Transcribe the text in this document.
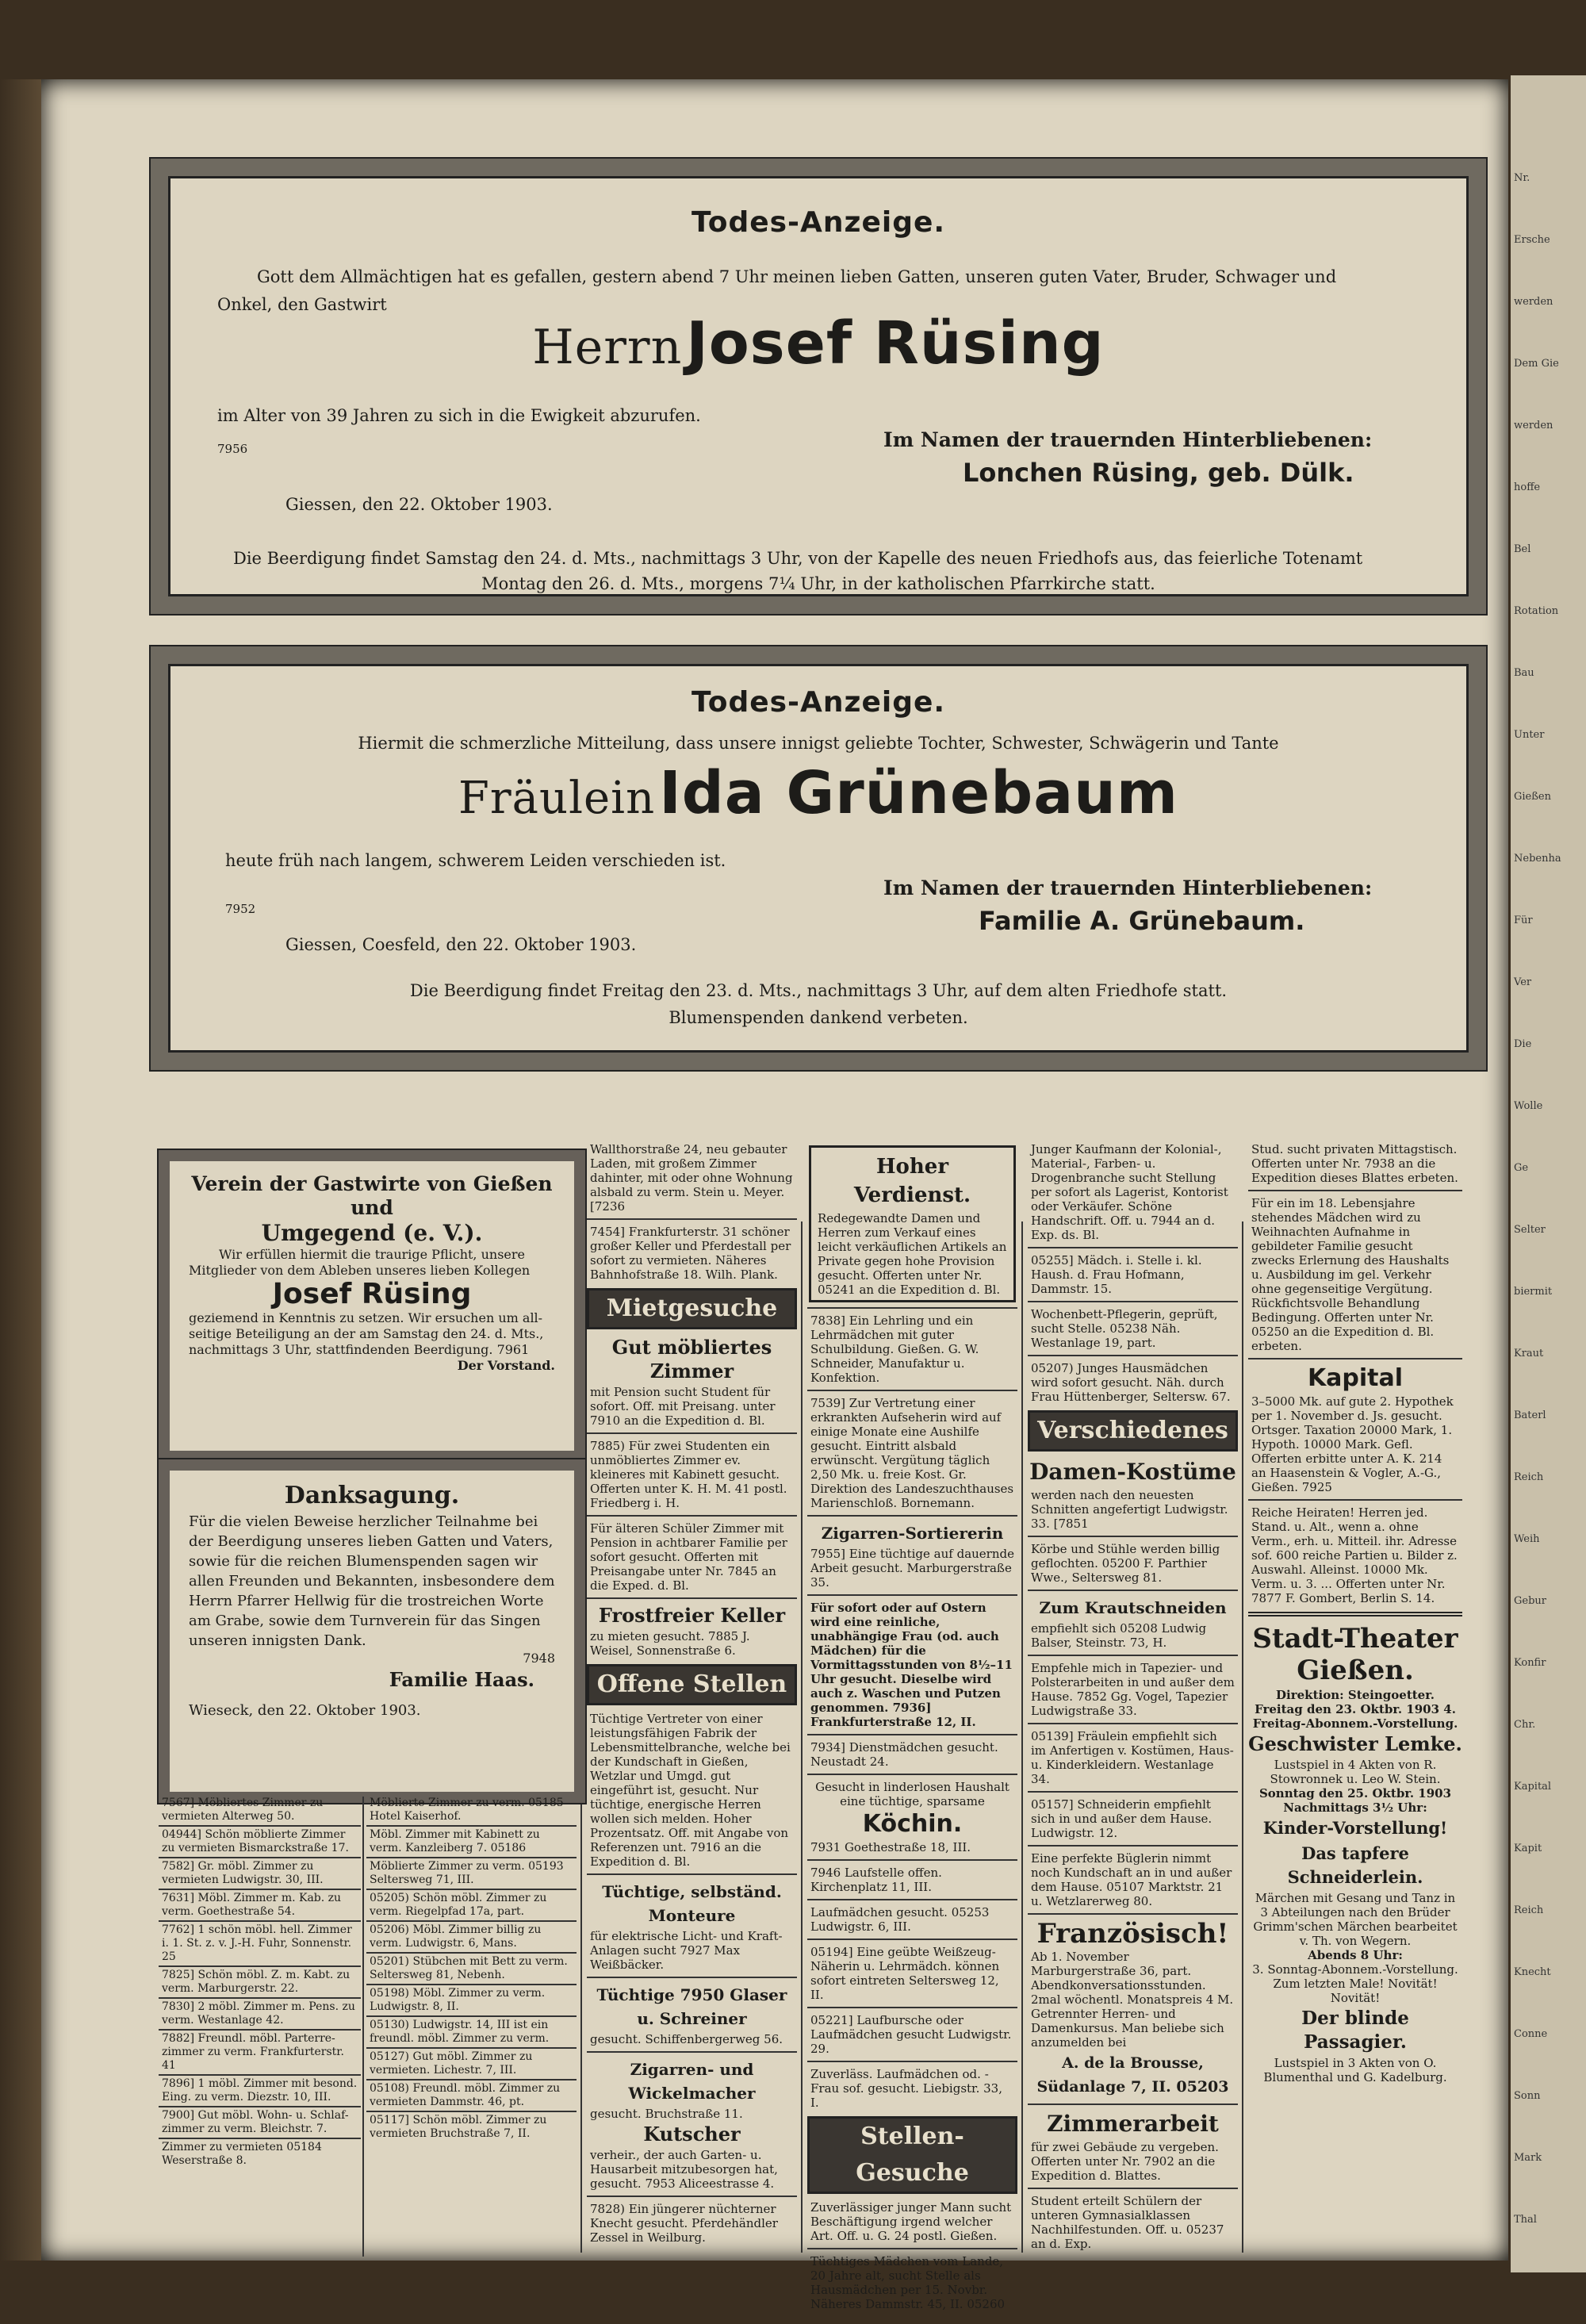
Todes-Anzeige.
Gott dem Allmächtigen hat es gefallen, gestern abend 7 Uhr meinen lieben Gatten, unseren guten Vater, Bruder, Schwager und
Onkel, den Gastwirt
Herrn Josef Rüsing
im Alter von 39 Jahren zu sich in die Ewigkeit abzurufen.
7956	Im Namen der trauernden Hinterbliebenen:
Lonchen Rüsing, geb. Dülk.
Giessen, den 22. Oktober 1903.
Die Beerdigung findet Samstag den 24. d. Mts., nachmittags 3 Uhr, von der Kapelle des neuen Friedhofs aus, das feierliche Totenamt
Montag den 26. d. Mts., morgens 7¼ Uhr, in der katholischen Pfarrkirche statt.
Todes-Anzeige.
Hiermit die schmerzliche Mitteilung, dass unsere innigst geliebte Tochter, Schwester, Schwägerin und Tante
Fräulein Ida Grünebaum
heute früh nach langem, schwerem Leiden verschieden ist.
Im Namen der trauernden Hinterbliebenen:
7952	Familie A. Grünebaum.
Giessen, Coesfeld, den 22. Oktober 1903.
Die Beerdigung findet Freitag den 23. d. Mts., nachmittags 3 Uhr, auf dem alten Friedhofe statt.
Blumenspenden dankend verbeten.
Verein der Gastwirte von Gießen und
Umgegend (e. V.).

Wir erfüllen hiermit die traurige Pflicht, unsere

Mitglieder von dem Ableben unseres lieben Kollegen

Josef Rüsing

geziemend in Kenntnis zu setzen. Wir ersuchen um all-

seitige Beteiligung an der am Samstag den 24. d. Mts.,

nachmittags 3 Uhr, stattfindenden Beerdigung. 7961

Der Vorstand.

Danksagung.

Für die vielen Beweise herzlicher Teilnahme bei

der Beerdigung unseres lieben Gatten und Vaters,

sowie für die reichen Blumenspenden sagen wir

allen Freunden und Bekannten, insbesondere dem

Herrn Pfarrer Hellwig für die trostreichen Worte

am Grabe, sowie dem Turnverein für das Singen

unseren innigsten Dank.

7948

Familie Haas.

Wieseck, den 22. Oktober 1903.

7567] Möbliertes Zimmer zu vermieten Alterweg 50.

04944] Schön möblierte Zimmer zu vermieten Bismarckstraße 17.

7582] Gr. möbl. Zimmer zu vermieten Ludwigstr. 30, III.

7631] Möbl. Zimmer m. Kab. zu verm. Goethestraße 54.

7762] 1 schön möbl. hell. Zimmer i. 1. St. z. v. J.-H. Fuhr, Sonnenstr. 25

7825] Schön möbl. Z. m. Kabt. zu verm. Marburgerstr. 22.

7830] 2 möbl. Zimmer m. Pens. zu verm. Westanlage 42.

7882] Freundl. möbl. Parterre-zimmer zu verm. Frankfurterstr. 41

7896] 1 möbl. Zimmer mit besond. Eing. zu verm. Diezstr. 10, III.

7900] Gut möbl. Wohn- u. Schlaf-zimmer zu verm. Bleichstr. 7.

Zimmer zu vermieten 05184 Weserstraße 8.

Möblierte Zimmer zu verm. 05185 Hotel Kaiserhof.

Möbl. Zimmer mit Kabinett zu verm. Kanzleiberg 7. 05186

Möblierte Zimmer zu verm. 05193 Seltersweg 71, III.

05205) Schön möbl. Zimmer zu verm. Riegelpfad 17a, part.

05206) Möbl. Zimmer billig zu verm. Ludwigstr. 6, Mans.

05201) Stübchen mit Bett zu verm. Seltersweg 81, Nebenh.

05198) Möbl. Zimmer zu verm. Ludwigstr. 8, II.

05130) Ludwigstr. 14, III ist ein freundl. möbl. Zimmer zu verm.

05127) Gut möbl. Zimmer zu vermieten. Lichestr. 7, III.

05108) Freundl. möbl. Zimmer zu vermieten Dammstr. 46, pt.

05117] Schön möbl. Zimmer zu vermieten Bruchstraße 7, II.

Wallthorstraße 24, neu gebauter Laden, mit großem Zimmer dahinter, mit oder ohne Wohnung alsbald zu verm. Stein u. Meyer. [7236

7454] Frankfurterstr. 31 schöner großer Keller und Pferdestall per sofort zu vermieten. Näheres Bahnhofstraße 18. Wilh. Plank.

Mietgesuche
Gut möbliertes Zimmer

mit Pension sucht Student für sofort. Off. mit Preisang. unter 7910 an die Expedition d. Bl.

7885) Für zwei Studenten ein unmöbliertes Zimmer ev. kleineres mit Kabinett gesucht. Offerten unter K. H. M. 41 postl. Friedberg i. H.

Für älteren Schüler Zimmer mit Pension in achtbarer Familie per sofort gesucht. Offerten mit Preisangabe unter Nr. 7845 an die Exped. d. Bl.

Frostfreier Keller

zu mieten gesucht. 7885 J. Weisel, Sonnenstraße 6.

Offene Stellen

Tüchtige Vertreter von einer leistungsfähigen Fabrik der Lebensmittelbranche, welche bei der Kundschaft in Gießen, Wetzlar und Umgd. gut eingeführt ist, gesucht. Nur tüchtige, energische Herren wollen sich melden. Hoher Prozentsatz. Off. mit Angabe von Referenzen unt. 7916 an die Expedition d. Bl.

Tüchtige, selbständ. Monteure

für elektrische Licht- und Kraft-Anlagen sucht 7927 Max Weißbäcker.

Tüchtige 7950 Glaser u. Schreiner

gesucht. Schiffenbergerweg 56.

Zigarren- und Wickelmacher

gesucht. Bruchstraße 11.

Kutscher

verheir., der auch Garten- u. Hausarbeit mitzubesorgen hat, gesucht. 7953 Aliceestrasse 4.

7828) Ein jüngerer nüchterner Knecht gesucht. Pferdehändler Zessel in Weilburg.

Hoher Verdienst.

Redegewandte Damen und Herren zum Verkauf eines leicht verkäuflichen Artikels an Private gegen hohe Provision gesucht. Offerten unter Nr. 05241 an die Expedition d. Bl.

7838] Ein Lehrling und ein Lehrmädchen mit guter Schulbildung. Gießen. G. W. Schneider, Manufaktur u. Konfektion.

7539] Zur Vertretung einer erkrankten Aufseherin wird auf einige Monate eine Aushilfe gesucht. Eintritt alsbald erwünscht. Vergütung täglich 2,50 Mk. u. freie Kost. Gr. Direktion des Landeszuchthauses Marienschloß. Bornemann.

Zigarren-Sortiererin

7955] Eine tüchtige auf dauernde Arbeit gesucht. Marburgerstraße 35.

Für sofort oder auf Ostern wird eine reinliche, unabhängige Frau (od. auch Mädchen) für die Vormittagsstunden von 8½–11 Uhr gesucht. Dieselbe wird auch z. Waschen und Putzen genommen. 7936] Frankfurterstraße 12, II.

7934] Dienstmädchen gesucht. Neustadt 24.

Gesucht in linderlosen Haushalt eine tüchtige, sparsame

Köchin.

7931 Goethestraße 18, III.

7946 Laufstelle offen. Kirchenplatz 11, III.

Laufmädchen gesucht. 05253 Ludwigstr. 6, III.

05194] Eine geübte Weißzeug-Näherin u. Lehrmädch. können sofort eintreten Seltersweg 12, II.

05221] Laufbursche oder Laufmädchen gesucht Ludwigstr. 29.

Zuverläss. Laufmädchen od. -Frau sof. gesucht. Liebigstr. 33, I.

Stellen-Gesuche

Zuverlässiger junger Mann sucht Beschäftigung irgend welcher Art. Off. u. G. 24 postl. Gießen.

Tüchtiges Mädchen vom Lande, 20 Jahre alt, sucht Stelle als Hausmädchen per 15. Novbr. Näheres Dammstr. 45, II. 05260

Junger Kaufmann der Kolonial-, Material-, Farben- u. Drogenbranche sucht Stellung per sofort als Lagerist, Kontorist oder Verkäufer. Schöne Handschrift. Off. u. 7944 an d. Exp. ds. Bl.

05255] Mädch. i. Stelle i. kl. Haush. d. Frau Hofmann, Dammstr. 15.

Wochenbett-Pflegerin, geprüft, sucht Stelle. 05238 Näh. Westanlage 19, part.

05207) Junges Hausmädchen wird sofort gesucht. Näh. durch Frau Hüttenberger, Seltersw. 67.

Verschiedenes
Damen-Kostüme

werden nach den neuesten Schnitten angefertigt Ludwigstr. 33. [7851

Körbe und Stühle werden billig geflochten. 05200 F. Parthier Wwe., Seltersweg 81.

Zum Krautschneiden

empfiehlt sich 05208 Ludwig Balser, Steinstr. 73, H.

Empfehle mich in Tapezier- und Polsterarbeiten in und außer dem Hause. 7852 Gg. Vogel, Tapezier Ludwigstraße 33.

05139] Fräulein empfiehlt sich im Anfertigen v. Kostümen, Haus- u. Kinderkleidern. Westanlage 34.

05157] Schneiderin empfiehlt sich in und außer dem Hause. Ludwigstr. 12.

Eine perfekte Büglerin nimmt noch Kundschaft an in und außer dem Hause. 05107 Marktstr. 21 u. Wetzlarerweg 80.

Französisch!

Ab 1. November Marburgerstraße 36, part. Abendkonversationsstunden. 2mal wöchentl. Monatspreis 4 M. Getrennter Herren- und Damenkursus. Man beliebe sich anzumelden bei

A. de la Brousse, Südanlage 7, II. 05203
Zimmerarbeit

für zwei Gebäude zu vergeben. Offerten unter Nr. 7902 an die Expedition d. Blattes.

Student erteilt Schülern der unteren Gymnasialklassen Nachhilfestunden. Off. u. 05237 an d. Exp.

Stud. sucht privaten Mittagstisch. Offerten unter Nr. 7938 an die Expedition dieses Blattes erbeten.

Für ein im 18. Lebensjahre stehendes Mädchen wird zu Weihnachten Aufnahme in gebildeter Familie gesucht zwecks Erlernung des Haushalts u. Ausbildung im gel. Verkehr ohne gegenseitige Vergütung. Rückfichtsvolle Behandlung Bedingung. Offerten unter Nr. 05250 an die Expedition d. Bl. erbeten.

Kapital

3–5000 Mk. auf gute 2. Hypothek per 1. November d. Js. gesucht. Ortsger. Taxation 20000 Mark, 1. Hypoth. 10000 Mark. Gefl. Offerten erbitte unter A. K. 214 an Haasenstein & Vogler, A.-G., Gießen. 7925

Reiche Heiraten! Herren jed. Stand. u. Alt., wenn a. ohne Verm., erh. u. Mitteil. ihr. Adresse sof. 600 reiche Partien u. Bilder z. Auswahl. Alleinst. 10000 Mk. Verm. u. 3. ... Offerten unter Nr. 7877 F. Gombert, Berlin S. 14.

Stadt-Theater Gießen.

Direktion: Steingoetter.

Freitag den 23. Oktbr. 1903 4. Freitag-Abonnem.-Vorstellung.

Geschwister Lemke.

Lustspiel in 4 Akten von R. Stowronnek u. Leo W. Stein.

Sonntag den 25. Oktbr. 1903 Nachmittags 3½ Uhr:

Kinder-Vorstellung!
Das tapfere Schneiderlein.

Märchen mit Gesang und Tanz in 3 Abteilungen nach den Brüder Grimm'schen Märchen bearbeitet v. Th. von Wegern.

Abends 8 Uhr:

3. Sonntag-Abonnem.-Vorstellung. Zum letzten Male! Novität! Novität!

Der blinde Passagier.

Lustspiel in 3 Akten von O. Blumenthal und G. Kadelburg.

Nr.
Ersche
werden
Dem Gie
werden
hoffe
Bel
Rotation
Bau
Unter
Gießen
Nebenha
Für
Ver
Die
Wolle
Ge
Selter
biermit
Kraut
Baterl
Reich
Weih
Gebur
Konfir
Chr.
Kapital
Kapit
Reich
Knecht
Conne
Sonn
Mark
Thal
